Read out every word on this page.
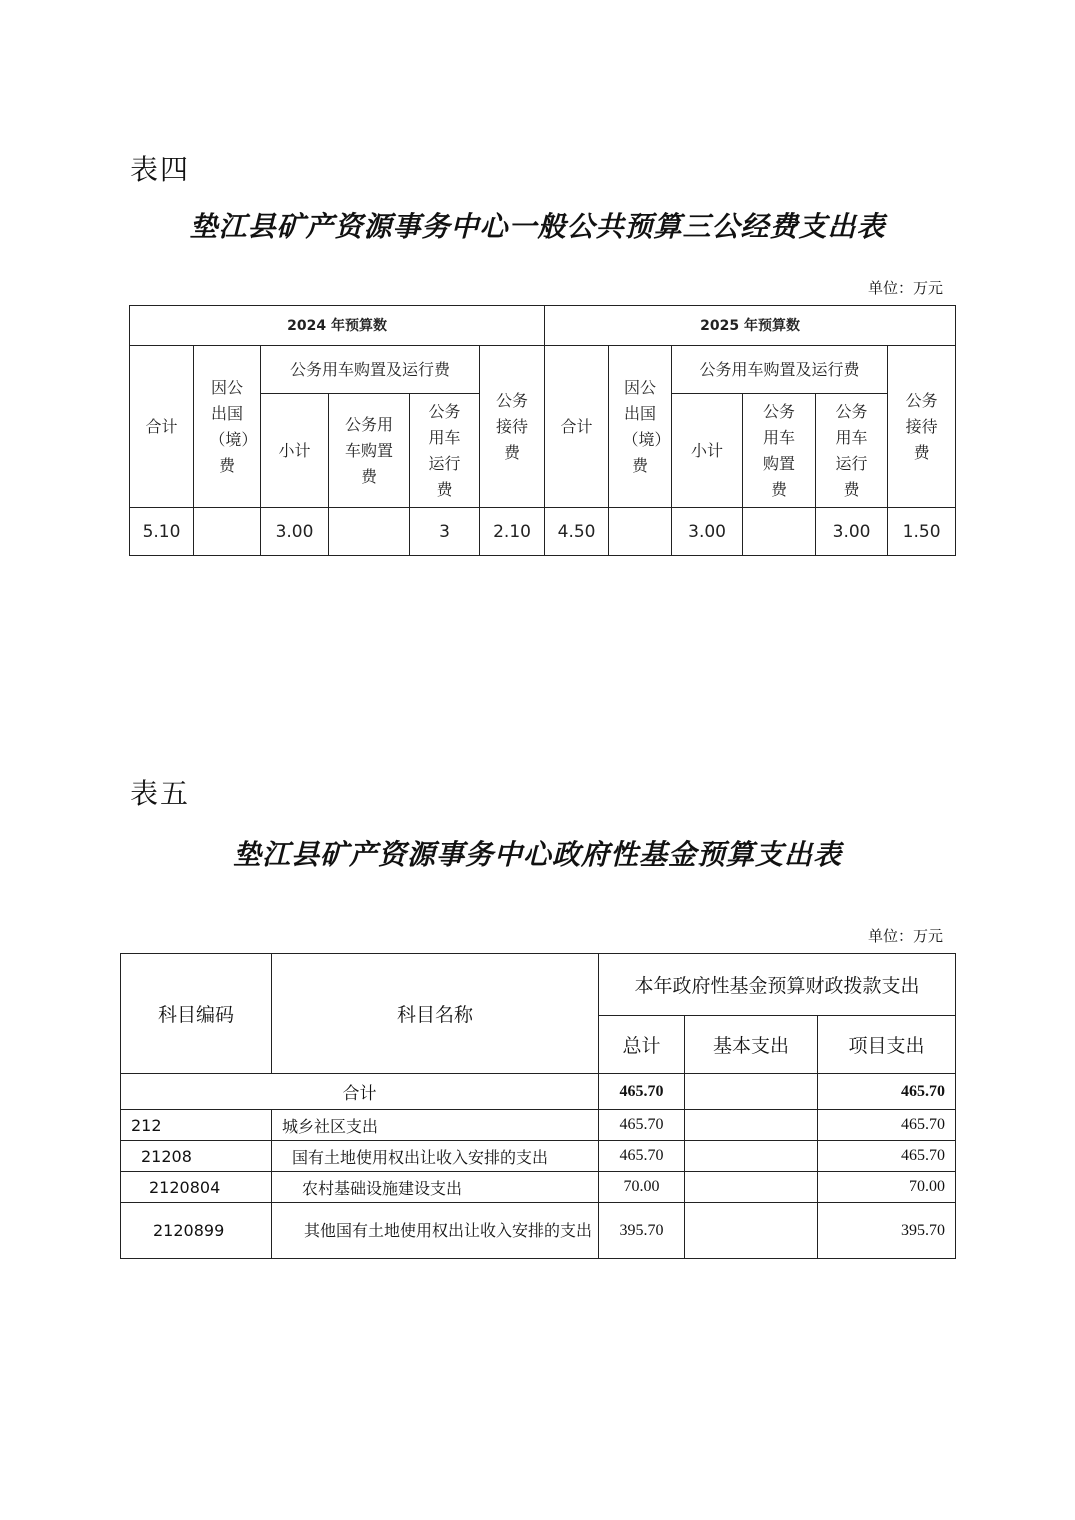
表四
垫江县矿产资源事务中心一般公共预算三公经费支出表
单位：万元
2024 年预算数						2025 年预算数					
合计	因公出国（境）费	公务用车购置及运行费			公务接待费	合计	因公出国（境）费	公务用车购置及运行费			公务接待费
		小计	公务用车购置费	公务用车运行费				小计	公务用车购置费	公务用车运行费	
5.10		3.00		3	2.10	4.50		3.00		3.00	1.50
表五
垫江县矿产资源事务中心政府性基金预算支出表
单位：万元
科目编码	科目名称	本年政府性基金预算财政拨款支出		
		总计	基本支出	项目支出
合计		465.70		465.70
212	城乡社区支出	465.70		465.70
21208	国有土地使用权出让收入安排的支出	465.70		465.70
2120804	农村基础设施建设支出	70.00		70.00
2120899	其他国有土地使用权出让收入安排的支出	395.70		395.70
